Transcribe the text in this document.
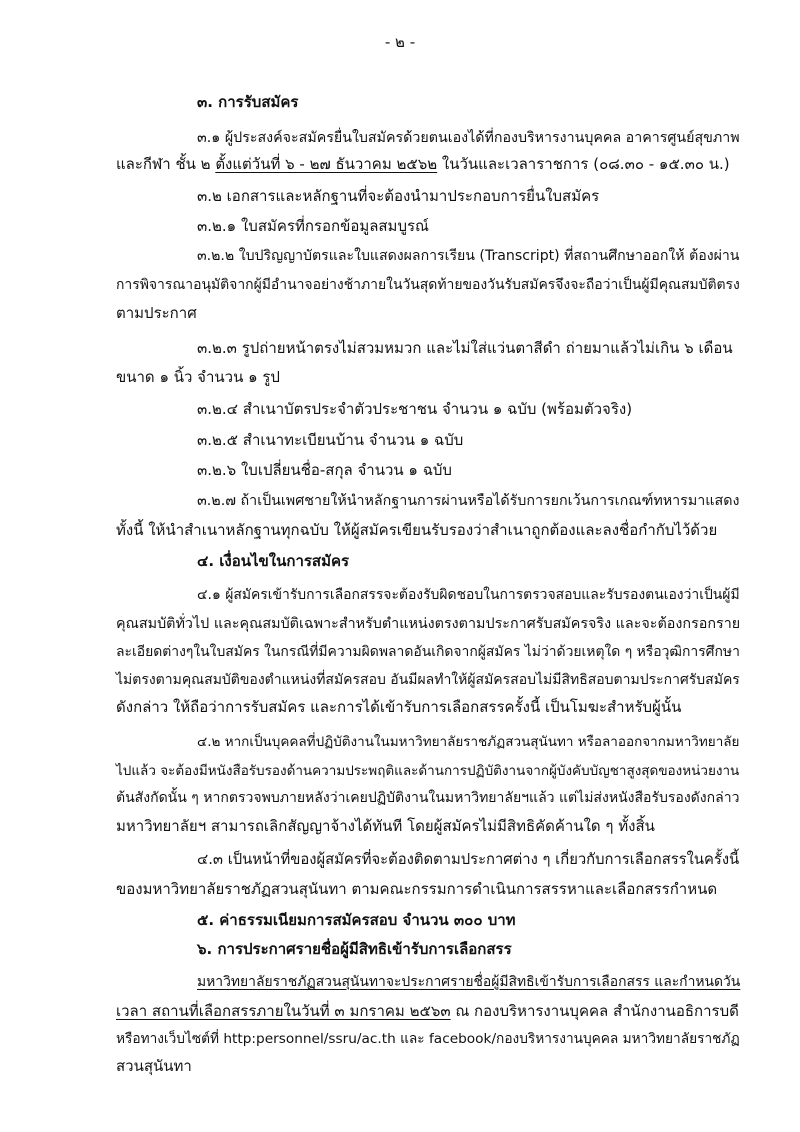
- ๒ -
๓. การรับสมัคร
๓.๑ ผู้ประสงค์จะสมัครยื่นใบสมัครด้วยตนเองได้ที่กองบริหารงานบุคคล อาคารศูนย์สุขภาพ
และกีฬา ชั้น ๒ ตั้งแต่วันที่ ๖ - ๒๗ ธันวาคม ๒๕๖๒ ในวันและเวลาราชการ (๐๘.๓๐ - ๑๕.๓๐ น.)
๓.๒ เอกสารและหลักฐานที่จะต้องนำมาประกอบการยื่นใบสมัคร
๓.๒.๑ ใบสมัครที่กรอกข้อมูลสมบูรณ์
๓.๒.๒ ใบปริญญาบัตรและใบแสดงผลการเรียน (Transcript) ที่สถานศึกษาออกให้ ต้องผ่าน
การพิจารณาอนุมัติจากผู้มีอำนาจอย่างช้าภายในวันสุดท้ายของวันรับสมัครจึงจะถือว่าเป็นผู้มีคุณสมบัติตรง
ตามประกาศ
๓.๒.๓ รูปถ่ายหน้าตรงไม่สวมหมวก และไม่ใส่แว่นตาสีดำ ถ่ายมาแล้วไม่เกิน ๖ เดือน
ขนาด ๑ นิ้ว จำนวน ๑ รูป
๓.๒.๔ สำเนาบัตรประจำตัวประชาชน จำนวน ๑ ฉบับ (พร้อมตัวจริง)
๓.๒.๕ สำเนาทะเบียนบ้าน จำนวน ๑ ฉบับ
๓.๒.๖ ใบเปลี่ยนชื่อ-สกุล จำนวน ๑ ฉบับ
๓.๒.๗ ถ้าเป็นเพศชายให้นำหลักฐานการผ่านหรือได้รับการยกเว้นการเกณฑ์ทหารมาแสดง
ทั้งนี้ ให้นำสำเนาหลักฐานทุกฉบับ ให้ผู้สมัครเขียนรับรองว่าสำเนาถูกต้องและลงชื่อกำกับไว้ด้วย
๔. เงื่อนไขในการสมัคร
๔.๑ ผู้สมัครเข้ารับการเลือกสรรจะต้องรับผิดชอบในการตรวจสอบและรับรองตนเองว่าเป็นผู้มี
คุณสมบัติทั่วไป และคุณสมบัติเฉพาะสำหรับตำแหน่งตรงตามประกาศรับสมัครจริง และจะต้องกรอกราย
ละเอียดต่างๆในใบสมัคร ในกรณีที่มีความผิดพลาดอันเกิดจากผู้สมัคร ไม่ว่าด้วยเหตุใด ๆ หรือวุฒิการศึกษา
ไม่ตรงตามคุณสมบัติของตำแหน่งที่สมัครสอบ อันมีผลทำให้ผู้สมัครสอบไม่มีสิทธิสอบตามประกาศรับสมัคร
ดังกล่าว ให้ถือว่าการรับสมัคร และการได้เข้ารับการเลือกสรรครั้งนี้ เป็นโมฆะสำหรับผู้นั้น
๔.๒ หากเป็นบุคคลที่ปฏิบัติงานในมหาวิทยาลัยราชภัฏสวนสุนันทา หรือลาออกจากมหาวิทยาลัย
ไปแล้ว จะต้องมีหนังสือรับรองด้านความประพฤติและด้านการปฏิบัติงานจากผู้บังคับบัญชาสูงสุดของหน่วยงาน
ต้นสังกัดนั้น ๆ หากตรวจพบภายหลังว่าเคยปฏิบัติงานในมหาวิทยาลัยฯแล้ว แต่ไม่ส่งหนังสือรับรองดังกล่าว
มหาวิทยาลัยฯ สามารถเลิกสัญญาจ้างได้ทันที โดยผู้สมัครไม่มีสิทธิคัดค้านใด ๆ ทั้งสิ้น
๔.๓ เป็นหน้าที่ของผู้สมัครที่จะต้องติดตามประกาศต่าง ๆ เกี่ยวกับการเลือกสรรในครั้งนี้
ของมหาวิทยาลัยราชภัฏสวนสุนันทา ตามคณะกรรมการดำเนินการสรรหาและเลือกสรรกำหนด
๕. ค่าธรรมเนียมการสมัครสอบ จำนวน ๓๐๐ บาท
๖. การประกาศรายชื่อผู้มีสิทธิเข้ารับการเลือกสรร
มหาวิทยาลัยราชภัฏสวนสุนันทาจะประกาศรายชื่อผู้มีสิทธิเข้ารับการเลือกสรร และกำหนดวัน
เวลา สถานที่เลือกสรรภายในวันที่ ๓ มกราคม ๒๕๖๓ ณ กองบริหารงานบุคคล สำนักงานอธิการบดี
หรือทางเว็บไซต์ที่ http:personnel/ssru/ac.th และ facebook/กองบริหารงานบุคคล มหาวิทยาลัยราชภัฏ
สวนสุนันทา
